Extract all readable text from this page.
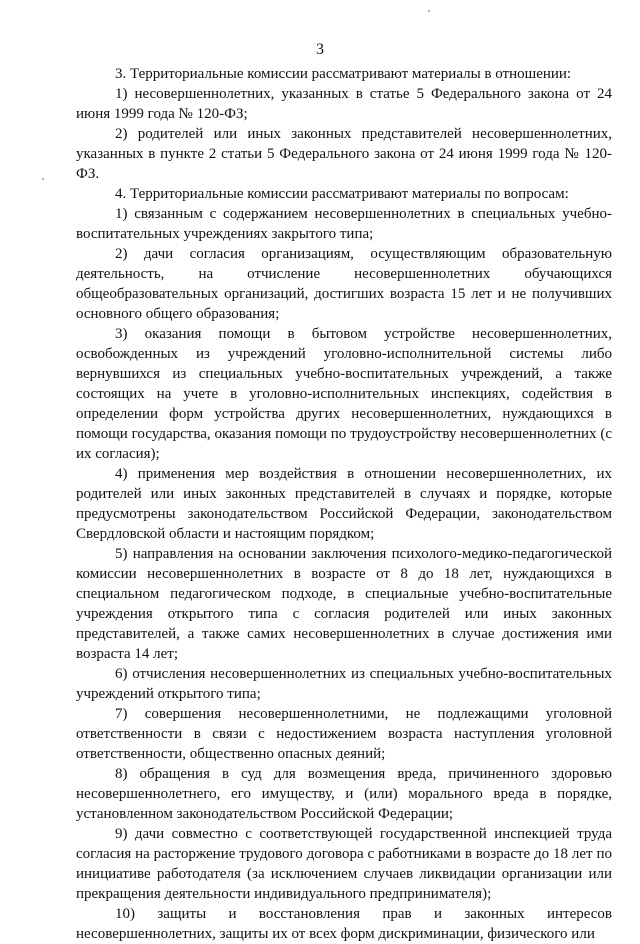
3

3. Территориальные комиссии рассматривают материалы в отношении:

1) несовершеннолетних, указанных в статье 5 Федерального закона от 24 июня 1999 года № 120-ФЗ;

2) родителей или иных законных представителей несовершеннолетних, указанных в пункте 2 статьи 5 Федерального закона от 24 июня 1999 года № 120-ФЗ.

4. Территориальные комиссии рассматривают материалы по вопросам:

1) связанным с содержанием несовершеннолетних в специальных учебно-воспитательных учреждениях закрытого типа;

2) дачи согласия организациям, осуществляющим образовательную деятельность, на отчисление несовершеннолетних обучающихся общеобразовательных организаций, достигших возраста 15 лет и не получивших основного общего образования;

3) оказания помощи в бытовом устройстве несовершеннолетних, освобожденных из учреждений уголовно-исполнительной системы либо вернувшихся из специальных учебно-воспитательных учреждений, а также состоящих на учете в уголовно-исполнительных инспекциях, содействия в определении форм устройства других несовершеннолетних, нуждающихся в помощи государства, оказания помощи по трудоустройству несовершеннолетних (с их согласия);

4) применения мер воздействия в отношении несовершеннолетних, их родителей или иных законных представителей в случаях и порядке, которые предусмотрены законодательством Российской Федерации, законодательством Свердловской области и настоящим порядком;

5) направления на основании заключения психолого-медико-педагогической комиссии несовершеннолетних в возрасте от 8 до 18 лет, нуждающихся в специальном педагогическом подходе, в специальные учебно-воспитательные учреждения открытого типа с согласия родителей или иных законных представителей, а также самих несовершеннолетних в случае достижения ими возраста 14 лет;

6) отчисления несовершеннолетних из специальных учебно-воспитательных учреждений открытого типа;

7) совершения несовершеннолетними, не подлежащими уголовной ответственности в связи с недостижением возраста наступления уголовной ответственности, общественно опасных деяний;

8) обращения в суд для возмещения вреда, причиненного здоровью несовершеннолетнего, его имуществу, и (или) морального вреда в порядке, установленном законодательством Российской Федерации;

9) дачи совместно с соответствующей государственной инспекцией труда согласия на расторжение трудового договора с работниками в возрасте до 18 лет по инициативе работодателя (за исключением случаев ликвидации организации или прекращения деятельности индивидуального предпринимателя);

10) защиты и восстановления прав и законных интересов несовершеннолетних, защиты их от всех форм дискриминации, физического или
